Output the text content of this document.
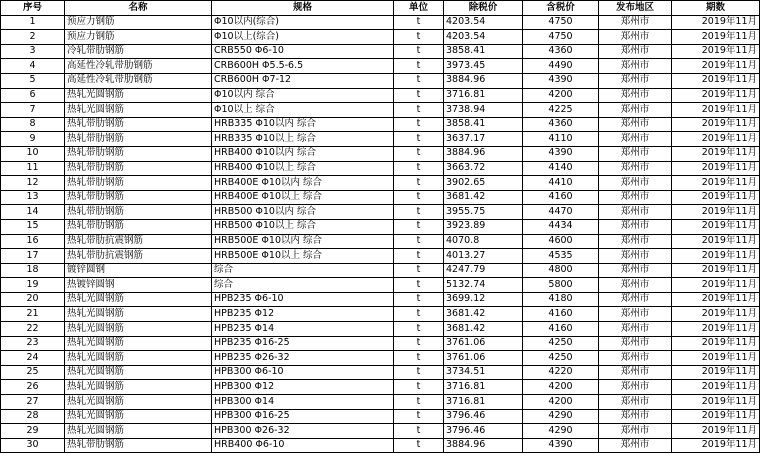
序号	名称	规格	单位	除税价	含税价	发布地区	期数
1	预应力钢筋	Φ10以内(综合)	t	4203.54	4750	郑州市	2019年11月
2	预应力钢筋	Φ10以上(综合)	t	4203.54	4750	郑州市	2019年11月
3	冷轧带肋钢筋	CRB550 Φ6-10	t	3858.41	4360	郑州市	2019年11月
4	高延性冷轧带肋钢筋	CRB600H Φ5.5-6.5	t	3973.45	4490	郑州市	2019年11月
5	高延性冷轧带肋钢筋	CRB600H Φ7-12	t	3884.96	4390	郑州市	2019年11月
6	热轧光圆钢筋	Φ10以内 综合	t	3716.81	4200	郑州市	2019年11月
7	热轧光圆钢筋	Φ10以上 综合	t	3738.94	4225	郑州市	2019年11月
8	热轧带肋钢筋	HRB335 Φ10以内 综合	t	3858.41	4360	郑州市	2019年11月
9	热轧带肋钢筋	HRB335 Φ10以上 综合	t	3637.17	4110	郑州市	2019年11月
10	热轧带肋钢筋	HRB400 Φ10以内 综合	t	3884.96	4390	郑州市	2019年11月
11	热轧带肋钢筋	HRB400 Φ10以上 综合	t	3663.72	4140	郑州市	2019年11月
12	热轧带肋钢筋	HRB400E Φ10以内 综合	t	3902.65	4410	郑州市	2019年11月
13	热轧带肋钢筋	HRB400E Φ10以上 综合	t	3681.42	4160	郑州市	2019年11月
14	热轧带肋钢筋	HRB500 Φ10以内 综合	t	3955.75	4470	郑州市	2019年11月
15	热轧带肋钢筋	HRB500 Φ10以上 综合	t	3923.89	4434	郑州市	2019年11月
16	热轧带肋抗震钢筋	HRB500E Φ10以内 综合	t	4070.8	4600	郑州市	2019年11月
17	热轧带肋抗震钢筋	HRB500E Φ10以上 综合	t	4013.27	4535	郑州市	2019年11月
18	镀锌圆钢	综合	t	4247.79	4800	郑州市	2019年11月
19	热镀锌圆钢	综合	t	5132.74	5800	郑州市	2019年11月
20	热轧光圆钢筋	HPB235 Φ6-10	t	3699.12	4180	郑州市	2019年11月
21	热轧光圆钢筋	HPB235 Φ12	t	3681.42	4160	郑州市	2019年11月
22	热轧光圆钢筋	HPB235 Φ14	t	3681.42	4160	郑州市	2019年11月
23	热轧光圆钢筋	HPB235 Φ16-25	t	3761.06	4250	郑州市	2019年11月
24	热轧光圆钢筋	HPB235 Φ26-32	t	3761.06	4250	郑州市	2019年11月
25	热轧光圆钢筋	HPB300 Φ6-10	t	3734.51	4220	郑州市	2019年11月
26	热轧光圆钢筋	HPB300 Φ12	t	3716.81	4200	郑州市	2019年11月
27	热轧光圆钢筋	HPB300 Φ14	t	3716.81	4200	郑州市	2019年11月
28	热轧光圆钢筋	HPB300 Φ16-25	t	3796.46	4290	郑州市	2019年11月
29	热轧光圆钢筋	HPB300 Φ26-32	t	3796.46	4290	郑州市	2019年11月
30	热轧带肋钢筋	HRB400 Φ6-10	t	3884.96	4390	郑州市	2019年11月
